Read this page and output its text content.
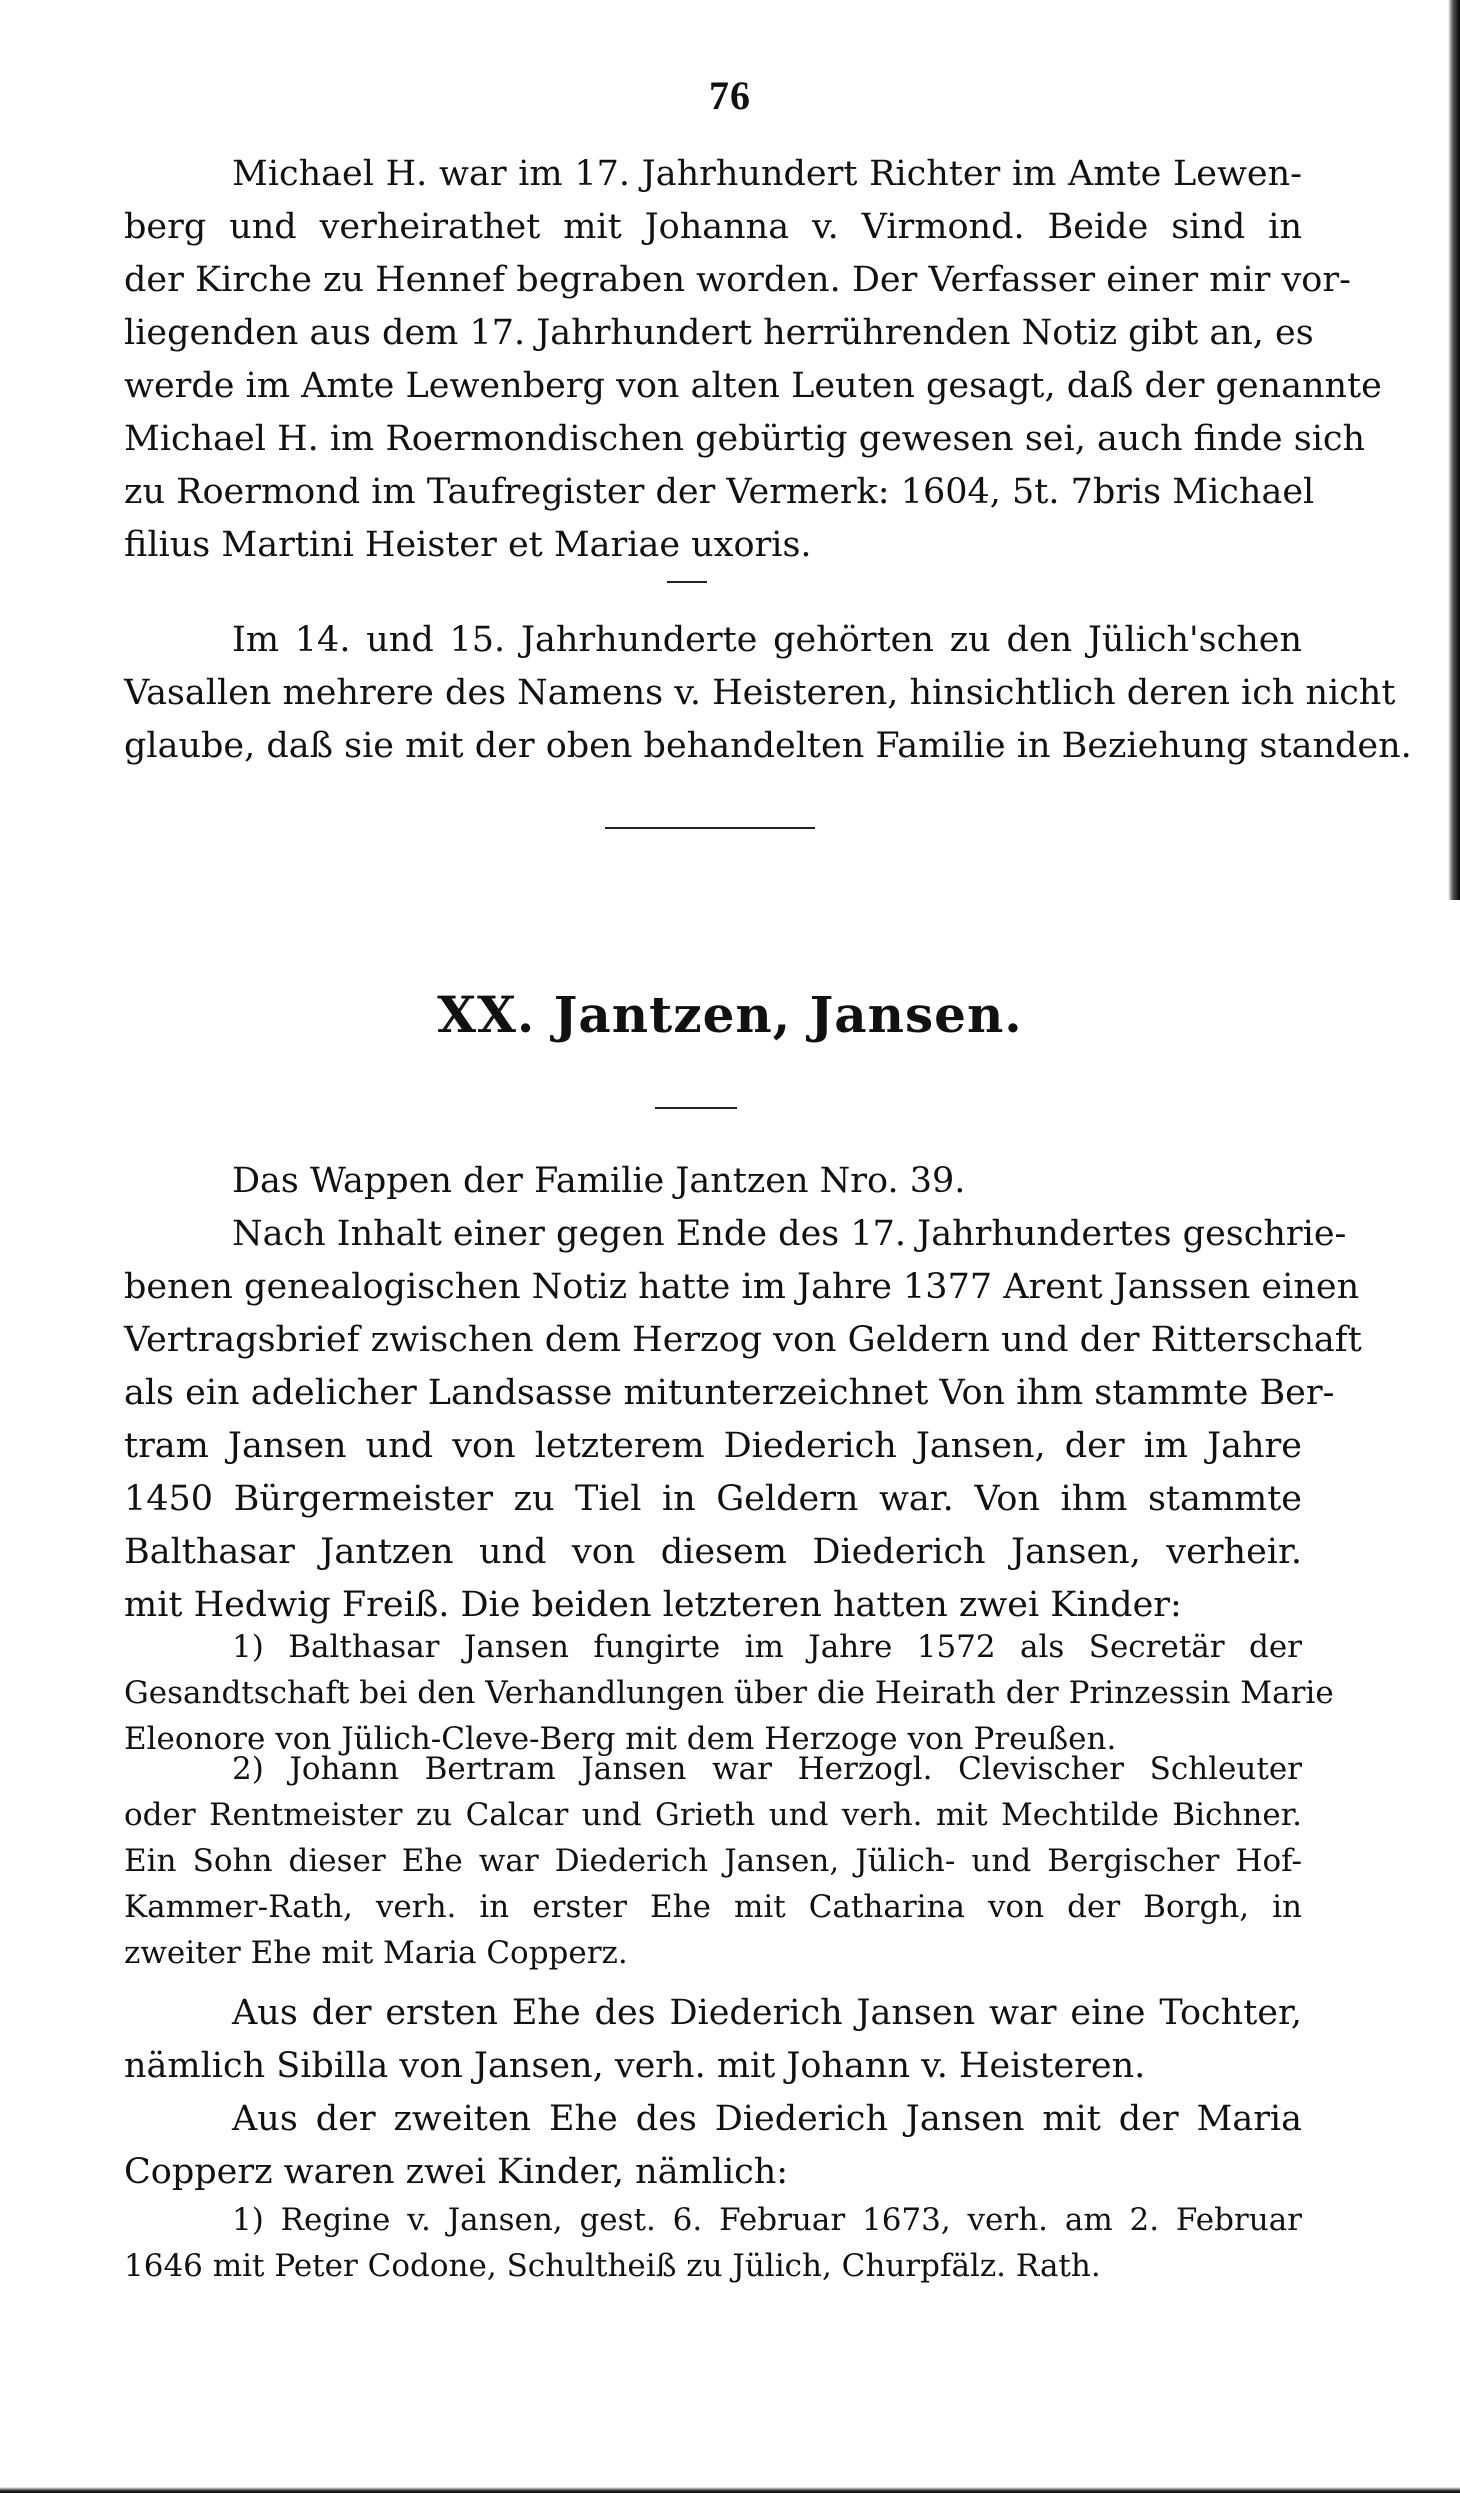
76
Michael H. war im 17. Jahrhundert Richter im Amte Lewen-
berg und verheirathet mit Johanna v. Virmond. Beide sind in
der Kirche zu Hennef begraben worden. Der Verfasser einer mir vor-
liegenden aus dem 17. Jahrhundert herrührenden Notiz gibt an, es
werde im Amte Lewenberg von alten Leuten gesagt, daß der genannte
Michael H. im Roermondischen gebürtig gewesen sei, auch finde sich
zu Roermond im Taufregister der Vermerk: 1604, 5t. 7bris Michael
filius Martini Heister et Mariae uxoris.
Im 14. und 15. Jahrhunderte gehörten zu den Jülich'schen
Vasallen mehrere des Namens v. Heisteren, hinsichtlich deren ich nicht
glaube, daß sie mit der oben behandelten Familie in Beziehung standen.
XX. Jantzen, Jansen.
Das Wappen der Familie Jantzen Nro. 39.
Nach Inhalt einer gegen Ende des 17. Jahrhundertes geschrie-
benen genealogischen Notiz hatte im Jahre 1377 Arent Janssen einen
Vertragsbrief zwischen dem Herzog von Geldern und der Ritterschaft
als ein adelicher Landsasse mitunterzeichnet Von ihm stammte Ber-
tram Jansen und von letzterem Diederich Jansen, der im Jahre
1450 Bürgermeister zu Tiel in Geldern war. Von ihm stammte
Balthasar Jantzen und von diesem Diederich Jansen, verheir.
mit Hedwig Freiß. Die beiden letzteren hatten zwei Kinder:
1) Balthasar Jansen fungirte im Jahre 1572 als Secretär der
Gesandtschaft bei den Verhandlungen über die Heirath der Prinzessin Marie
Eleonore von Jülich-Cleve-Berg mit dem Herzoge von Preußen.
2) Johann Bertram Jansen war Herzogl. Clevischer Schleuter
oder Rentmeister zu Calcar und Grieth und verh. mit Mechtilde Bichner.
Ein Sohn dieser Ehe war Diederich Jansen, Jülich- und Bergischer Hof-
Kammer-Rath, verh. in erster Ehe mit Catharina von der Borgh, in
zweiter Ehe mit Maria Copperz.
Aus der ersten Ehe des Diederich Jansen war eine Tochter,
nämlich Sibilla von Jansen, verh. mit Johann v. Heisteren.
Aus der zweiten Ehe des Diederich Jansen mit der Maria
Copperz waren zwei Kinder, nämlich:
1) Regine v. Jansen, gest. 6. Februar 1673, verh. am 2. Februar
1646 mit Peter Codone, Schultheiß zu Jülich, Churpfälz. Rath.
